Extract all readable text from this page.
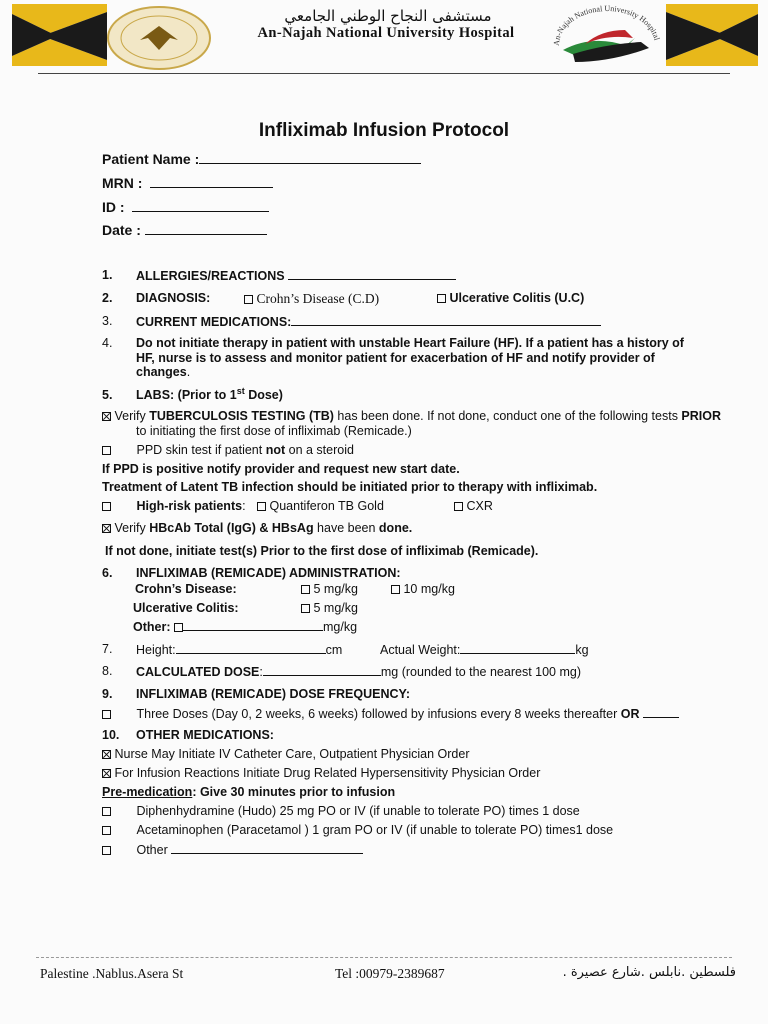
مستشفى النجاح الوطني الجامعي
An-Najah National University Hospital
An-Najah National University Hospital
Infliximab Infusion Protocol
Patient Name :
MRN :
ID :
Date :
1. ALLERGIES/REACTIONS
2. DIAGNOSIS:	Crohn’s Disease (C.D)	Ulcerative Colitis (U.C)
3. CURRENT MEDICATIONS:
4. Do not initiate therapy in patient with unstable Heart Failure (HF). If a patient has a history of
HF, nurse is to assess and monitor patient for exacerbation of HF and notify provider of
changes.
5. LABS: (Prior to 1st Dose)
Verify TUBERCULOSIS TESTING (TB) has been done. If not done, conduct one of the following tests PRIOR
to initiating the first dose of infliximab (Remicade.)
PPD skin test if patient not on a steroid
If PPD is positive notify provider and request new start date.
Treatment of Latent TB infection should be initiated prior to therapy with infliximab.
High-risk patients:	Quantiferon TB Gold	CXR
Verify HBcAb Total (IgG) & HBsAg have been done.
If not done, initiate test(s) Prior to the first dose of infliximab (Remicade).
6. INFLIXIMAB (REMICADE) ADMINISTRATION:
Crohn’s Disease:	5 mg/kg	10 mg/kg
Ulcerative Colitis:	5 mg/kg
Other:	mg/kg
7. Height:	cm	Actual Weight:	kg
8. CALCULATED DOSE:	mg (rounded to the nearest 100 mg)
9. INFLIXIMAB (REMICADE) DOSE FREQUENCY:
Three Doses (Day 0, 2 weeks, 6 weeks) followed by infusions every 8 weeks thereafter OR
10. OTHER MEDICATIONS:
Nurse May Initiate IV Catheter Care, Outpatient Physician Order
For Infusion Reactions Initiate Drug Related Hypersensitivity Physician Order
Pre-medication: Give 30 minutes prior to infusion
Diphenhydramine (Hudo) 25 mg PO or IV (if unable to tolerate PO) times 1 dose
Acetaminophen (Paracetamol ) 1 gram PO or IV (if unable to tolerate PO) times1 dose
Other
Palestine .Nablus.Asera St	Tel :00979-2389687	فلسطين .نابلس .شارع عصيرة .
